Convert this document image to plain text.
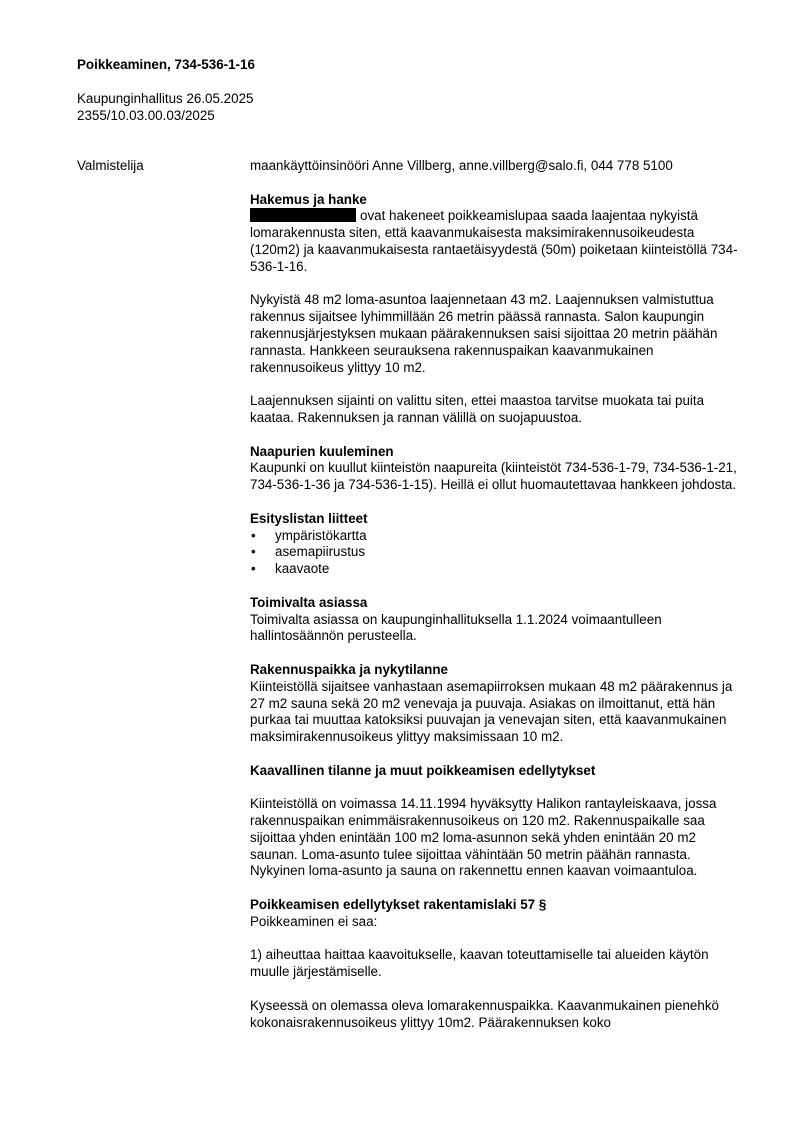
Poikkeaminen, 734-536-1-16
Kaupunginhallitus 26.05.2025
2355/10.03.00.03/2025
Valmistelija	maankäyttöinsinööri Anne Villberg, anne.villberg@salo.fi, 044 778 5100

Hakemus ja hanke

ovat hakeneet poikkeamislupaa saada laajentaa nykyistä lomarakennusta siten, että kaavanmukaisesta maksimirakennusoikeudesta (120m2) ja kaavanmukaisesta rantaetäisyydestä (50m) poiketaan kiinteistöllä 734-536-1-16.

Nykyistä 48 m2 loma-asuntoa laajennetaan 43 m2. Laajennuksen valmistuttua rakennus sijaitsee lyhimmillään 26 metrin päässä rannasta. Salon kaupungin rakennusjärjestyksen mukaan päärakennuksen saisi sijoittaa 20 metrin päähän rannasta. Hankkeen seurauksena rakennuspaikan kaavanmukainen rakennusoikeus ylittyy 10 m2.

Laajennuksen sijainti on valittu siten, ettei maastoa tarvitse muokata tai puita kaataa. Rakennuksen ja rannan välillä on suojapuustoa.

Naapurien kuuleminen

Kaupunki on kuullut kiinteistön naapureita (kiinteistöt 734-536-1-79, 734-536-1-21, 734-536-1-36 ja 734-536-1-15). Heillä ei ollut huomautettavaa hankkeen johdosta.

Esityslistan liitteet

• ympäristökartta
• asemapiirustus
• kaavaote

Toimivalta asiassa

Toimivalta asiassa on kaupunginhallituksella 1.1.2024 voimaantulleen hallintosäännön perusteella.

Rakennuspaikka ja nykytilanne

Kiinteistöllä sijaitsee vanhastaan asemapiirroksen mukaan 48 m2 päärakennus ja 27 m2 sauna sekä 20 m2 venevaja ja puuvaja. Asiakas on ilmoittanut, että hän purkaa tai muuttaa katoksiksi puuvajan ja venevajan siten, että kaavanmukainen maksimirakennusoikeus ylittyy maksimissaan 10 m2.

Kaavallinen tilanne ja muut poikkeamisen edellytykset

Kiinteistöllä on voimassa 14.11.1994 hyväksytty Halikon rantayleiskaava, jossa rakennuspaikan enimmäisrakennusoikeus on 120 m2. Rakennuspaikalle saa sijoittaa yhden enintään 100 m2 loma-asunnon sekä yhden enintään 20 m2 saunan. Loma-asunto tulee sijoittaa vähintään 50 metrin päähän rannasta. Nykyinen loma-asunto ja sauna on rakennettu ennen kaavan voimaantuloa.

Poikkeamisen edellytykset rakentamislaki 57 §

Poikkeaminen ei saa:

1) aiheuttaa haittaa kaavoitukselle, kaavan toteuttamiselle tai alueiden käytön muulle järjestämiselle.

Kyseessä on olemassa oleva lomarakennuspaikka. Kaavanmukainen pienehkö kokonaisrakennusoikeus ylittyy 10m2. Päärakennuksen koko
